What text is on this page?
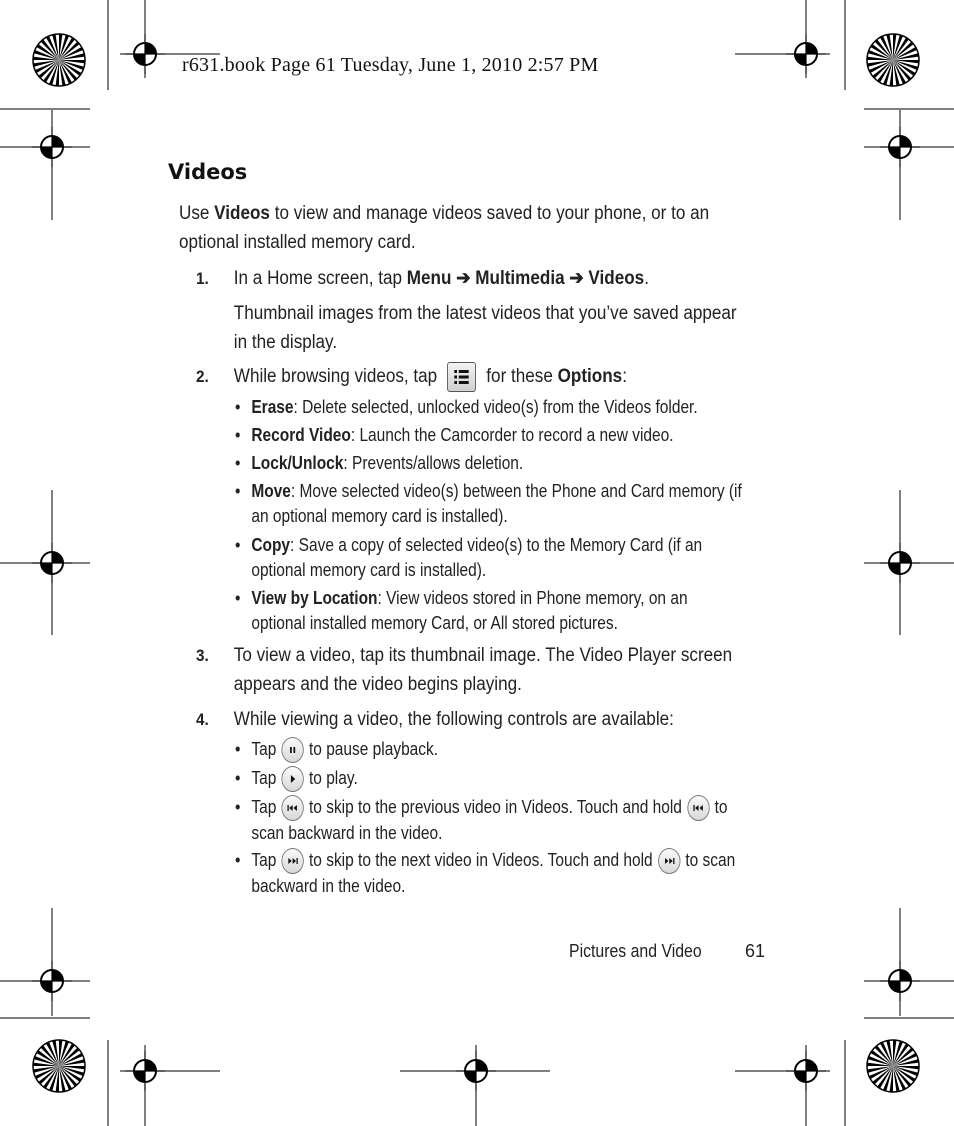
r631.book Page 61 Tuesday, June 1, 2010 2:57 PM
Videos
Use Videos to view and manage videos saved to your phone, or to an optional installed memory card.
1. In a Home screen, tap Menu ➔ Multimedia ➔ Videos.
Thumbnail images from the latest videos that you’ve saved appear in the display.
2. While browsing videos, tap  for these Options:
• Erase: Delete selected, unlocked video(s) from the Videos folder.
• Record Video: Launch the Camcorder to record a new video.
• Lock/Unlock: Prevents/allows deletion.
• Move: Move selected video(s) between the Phone and Card memory (if an optional memory card is installed).
• Copy: Save a copy of selected video(s) to the Memory Card (if an optional memory card is installed).
• View by Location: View videos stored in Phone memory, on an optional installed memory Card, or All stored pictures.
3. To view a video, tap its thumbnail image. The Video Player screen appears and the video begins playing.
4. While viewing a video, the following controls are available:
• Tap to pause playback.
• Tap to play.
• Tap to skip to the previous video in Videos. Touch and hold to scan backward in the video.
• Tap to skip to the next video in Videos. Touch and hold to scan backward in the video.
Pictures and Video 61
